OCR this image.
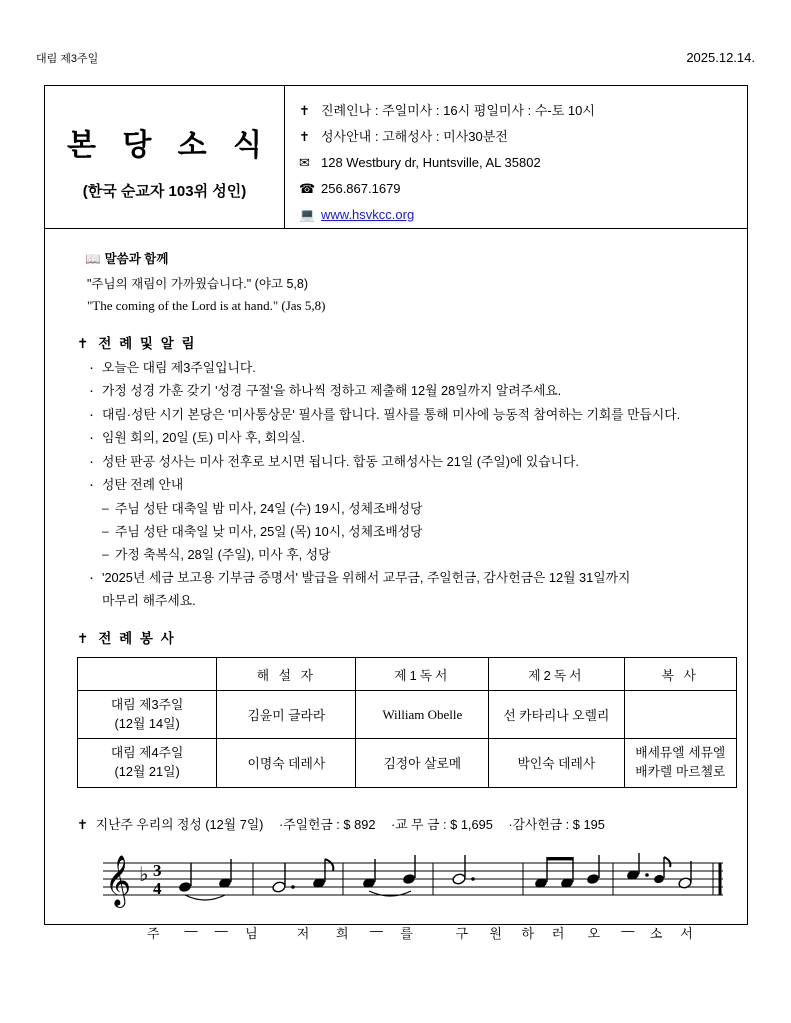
대림 제3주일	2025.12.14.
본 당 소 식
(한국 순교자 103위 성인)
✝ 진례인나 : 주일미사 : 16시 평일미사 : 수-토 10시
✝ 성사안내 : 고해성사 : 미사30분전
✉ 128 Westbury dr, Huntsville, AL 35802
☎ 256.867.1679
💻 www.hsvkcc.org
📖 말씀과 함께
"주님의 재림이 가까웠습니다." (야고 5,8)
"The coming of the Lord is at hand." (Jas 5,8)
✝ 전 례 및 알 림
· 오늘은 대림 제3주일입니다.
· 가정 성경 가훈 갖기 '성경 구절'을 하나씩 정하고 제출해 12월 28일까지 알려주세요.
· 대림·성탄 시기 본당은 '미사통상문' 필사를 합니다. 필사를 통해 미사에 능동적 참여하는 기회를 만듭시다.
· 임원 회의, 20일 (토) 미사 후, 회의실.
· 성탄 판공 성사는 미사 전후로 보시면 됩니다. 합동 고해성사는 21일 (주일)에 있습니다.
· 성탄 전례 안내
– 주님 성탄 대축일 밤 미사, 24일 (수) 19시, 성체조배성당
– 주님 성탄 대축일 낮 미사, 25일 (목) 10시, 성체조배성당
– 가정 축복식, 28일 (주일), 미사 후, 성당
· '2025년 세금 보고용 기부금 증명서' 발급을 위해서 교무금, 주일헌금, 감사헌금은 12월 31일까지
마무리 해주세요.
✝ 전 례 봉 사
	해 설 자	제1독서	제2독서	복 사
대림 제3주일
(12월 14일)	김윤미 글라라	William Obelle	선 카타리나 오렐리	
대림 제4주일
(12월 21일)	이명숙 데레사	김정아 살로메	박인숙 데레사	배세뮤엘 세뮤엘
배카렐 마르첼로
✝ 지난주 우리의 정성 (12월 7일) ·주일헌금 : $ 892 ·교 무 금 : $ 1,695 ·감사헌금 : $ 195
𝄞 ♭ 3
4
주	—	—	님	저	희	—	를	구	원	하	러	오	—	소	서
